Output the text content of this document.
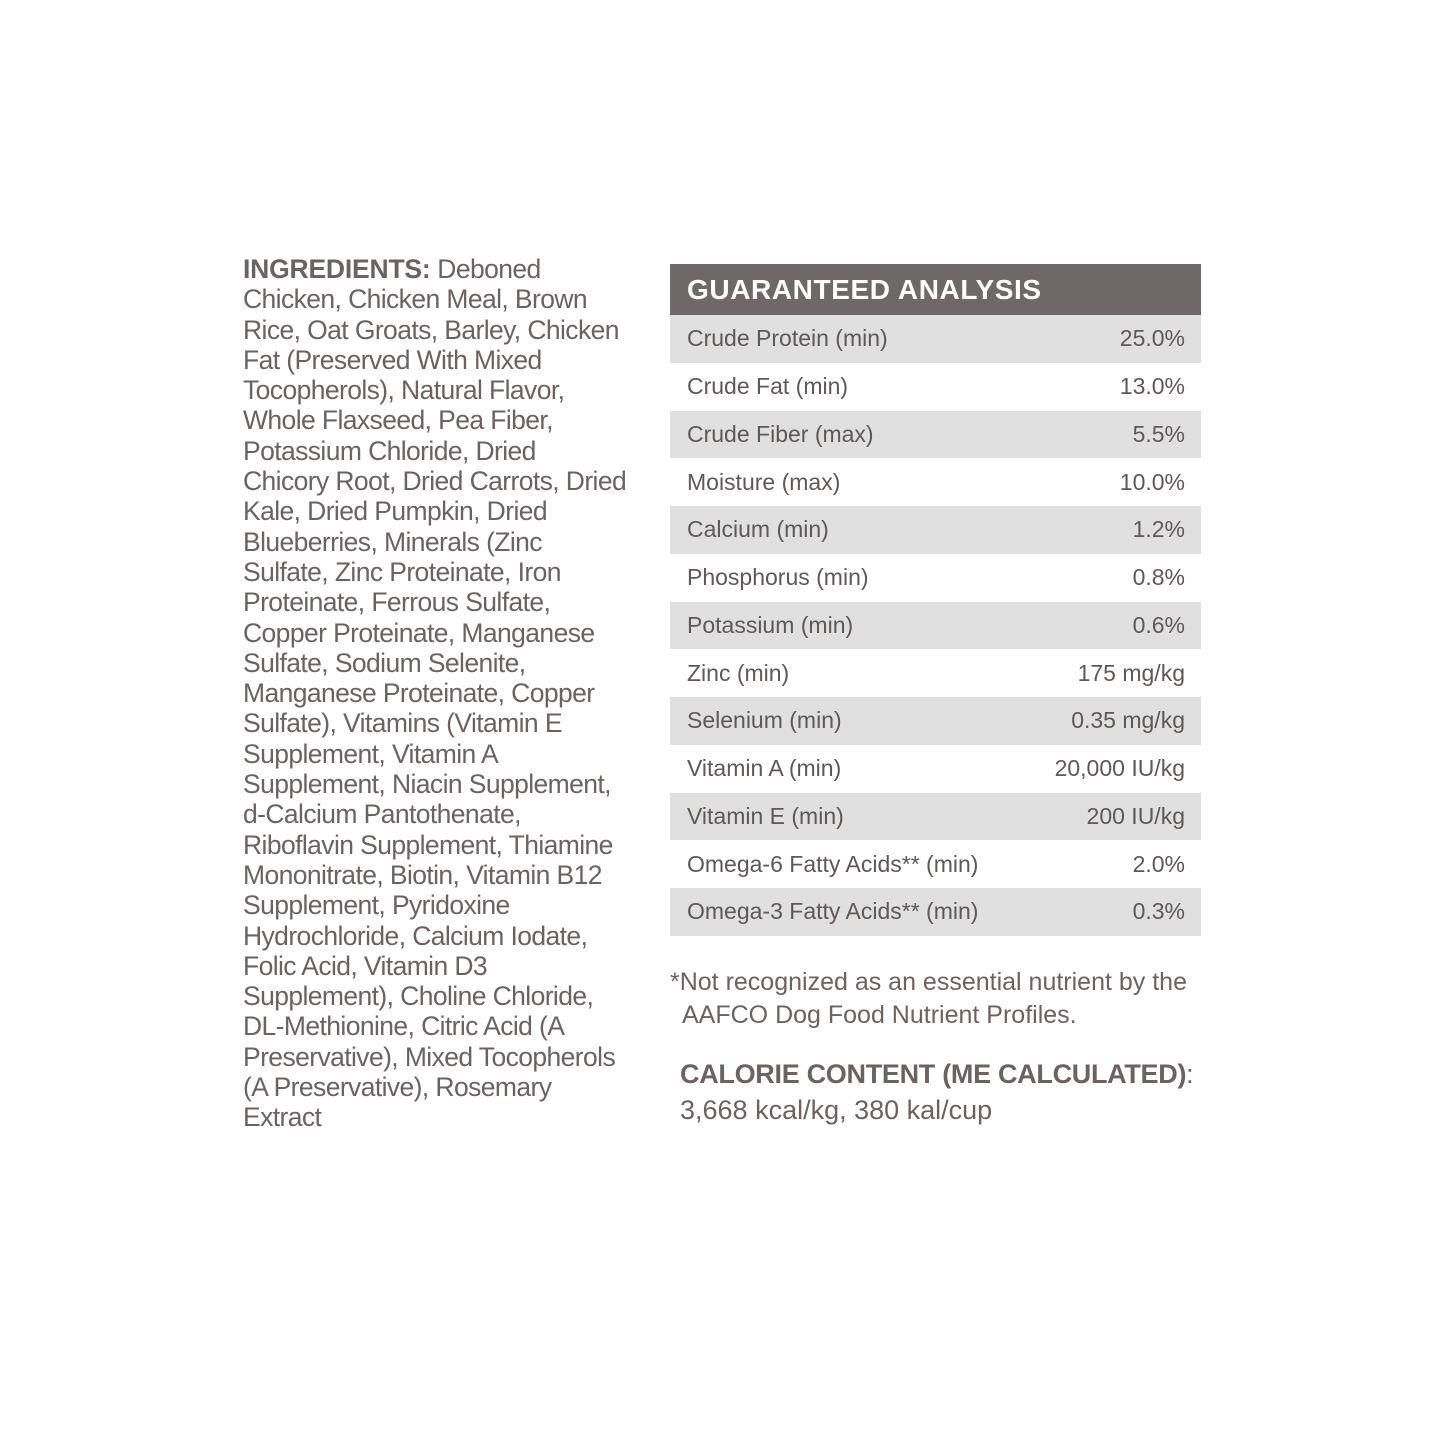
INGREDIENTS: Deboned Chicken, Chicken Meal, Brown Rice, Oat Groats, Barley, Chicken Fat (Preserved With Mixed Tocopherols), Natural Flavor, Whole Flaxseed, Pea Fiber, Potassium Chloride, Dried Chicory Root, Dried Carrots, Dried Kale, Dried Pumpkin, Dried Blueberries, Minerals (Zinc Sulfate, Zinc Proteinate, Iron Proteinate, Ferrous Sulfate, Copper Proteinate, Manganese Sulfate, Sodium Selenite, Manganese Proteinate, Copper Sulfate), Vitamins (Vitamin E Supplement, Vitamin A Supplement, Niacin Supplement, d-Calcium Pantothenate, Riboflavin Supplement, Thiamine Mononitrate, Biotin, Vitamin B12 Supplement, Pyridoxine Hydrochloride, Calcium Iodate, Folic Acid, Vitamin D3 Supplement), Choline Chloride, DL-Methionine, Citric Acid (A Preservative), Mixed Tocopherols (A Preservative), Rosemary Extract
GUARANTEED ANALYSIS
Crude Protein (min)	25.0%
Crude Fat (min)	13.0%
Crude Fiber (max)	5.5%
Moisture (max)	10.0%
Calcium (min)	1.2%
Phosphorus (min)	0.8%
Potassium (min)	0.6%
Zinc (min)	175 mg/kg
Selenium (min)	0.35 mg/kg
Vitamin A (min)	20,000 IU/kg
Vitamin E (min)	200 IU/kg
Omega-6 Fatty Acids** (min)	2.0%
Omega-3 Fatty Acids** (min)	0.3%
*Not recognized as an essential nutrient by the
AAFCO Dog Food Nutrient Profiles.
CALORIE CONTENT (ME CALCULATED):
3,668 kcal/kg, 380 kal/cup
